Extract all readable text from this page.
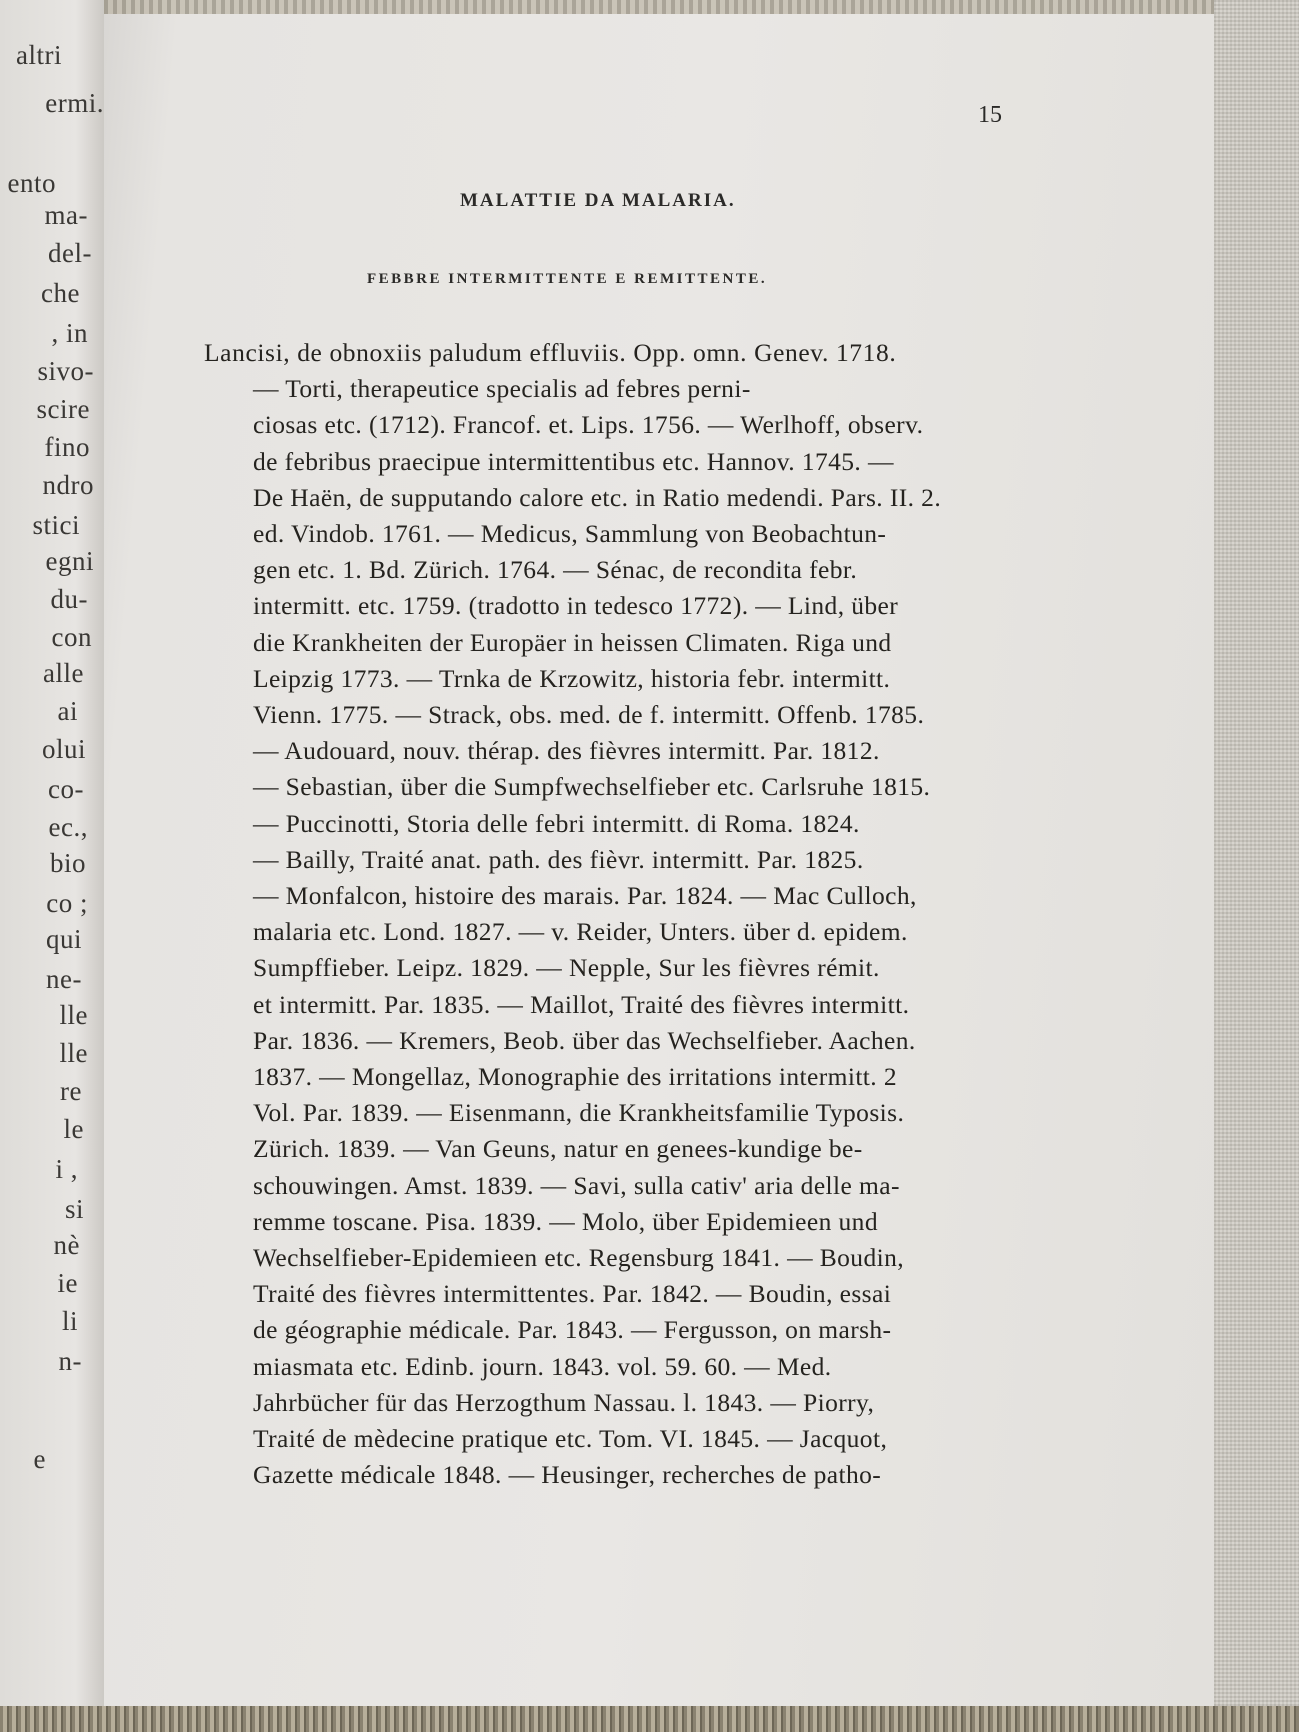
altri
ermi.
ento
ma-
del-
che
, in
sivo-
scire
fino
ndro
stici
egni
du-
con
alle
ai
olui
co-
ec.,
bio
co ;
qui
ne-
lle
lle
re
le
i ,
si
nè
ie
li
n-
e
15
MALATTIE DA MALARIA.
FEBBRE INTERMITTENTE E REMITTENTE.
Lancisi, de obnoxiis paludum effluviis. Opp. omn. Genev. 1718.
— Torti, therapeutice specialis ad febres perni-
ciosas etc. (1712). Francof. et. Lips. 1756. — Werlhoff, observ.
de febribus praecipue intermittentibus etc. Hannov. 1745. —
De Haën, de supputando calore etc. in Ratio medendi. Pars. II. 2.
ed. Vindob. 1761. — Medicus, Sammlung von Beobachtun-
gen etc. 1. Bd. Zürich. 1764. — Sénac, de recondita febr.
intermitt. etc. 1759. (tradotto in tedesco 1772). — Lind, über
die Krankheiten der Europäer in heissen Climaten. Riga und
Leipzig 1773. — Trnka de Krzowitz, historia febr. intermitt.
Vienn. 1775. — Strack, obs. med. de f. intermitt. Offenb. 1785.
— Audouard, nouv. thérap. des fièvres intermitt. Par. 1812.
— Sebastian, über die Sumpfwechselfieber etc. Carlsruhe 1815.
— Puccinotti, Storia delle febri intermitt. di Roma. 1824.
— Bailly, Traité anat. path. des fièvr. intermitt. Par. 1825.
— Monfalcon, histoire des marais. Par. 1824. — Mac Culloch,
malaria etc. Lond. 1827. — v. Reider, Unters. über d. epidem.
Sumpffieber. Leipz. 1829. — Nepple, Sur les fièvres rémit.
et intermitt. Par. 1835. — Maillot, Traité des fièvres intermitt.
Par. 1836. — Kremers, Beob. über das Wechselfieber. Aachen.
1837. — Mongellaz, Monographie des irritations intermitt. 2
Vol. Par. 1839. — Eisenmann, die Krankheitsfamilie Typosis.
Zürich. 1839. — Van Geuns, natur en genees-kundige be-
schouwingen. Amst. 1839. — Savi, sulla cativ' aria delle ma-
remme toscane. Pisa. 1839. — Molo, über Epidemieen und
Wechselfieber-Epidemieen etc. Regensburg 1841. — Boudin,
Traité des fièvres intermittentes. Par. 1842. — Boudin, essai
de géographie médicale. Par. 1843. — Fergusson, on marsh-
miasmata etc. Edinb. journ. 1843. vol. 59. 60. — Med.
Jahrbücher für das Herzogthum Nassau. l. 1843. — Piorry,
Traité de mèdecine pratique etc. Tom. VI. 1845. — Jacquot,
Gazette médicale 1848. — Heusinger, recherches de patho-
